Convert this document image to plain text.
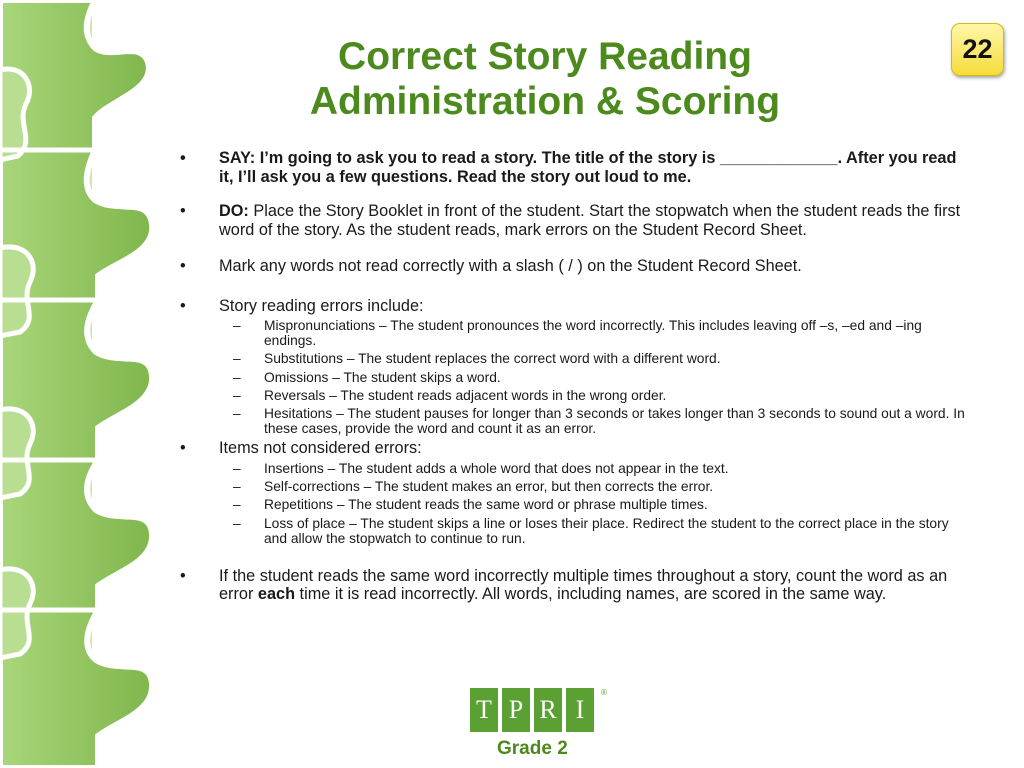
Correct Story Reading
Administration & Scoring
22

• SAY: I’m going to ask you to read a story. The title of the story is _____________. After you read it, I’ll ask you a few questions. Read the story out loud to me.

• DO: Place the Story Booklet in front of the student. Start the stopwatch when the student reads the first word of the story. As the student reads, mark errors on the Student Record Sheet.

• Mark any words not read correctly with a slash ( / ) on the Student Record Sheet.

• Story reading errors include:

– Mispronunciations – The student pronounces the word incorrectly. This includes leaving off –s, –ed and –ing endings.

– Substitutions – The student replaces the correct word with a different word.

– Omissions – The student skips a word.

– Reversals – The student reads adjacent words in the wrong order.

– Hesitations – The student pauses for longer than 3 seconds or takes longer than 3 seconds to sound out a word. In these cases, provide the word and count it as an error.

• Items not considered errors:

– Insertions – The student adds a whole word that does not appear in the text.

– Self-corrections – The student makes an error, but then corrects the error.

– Repetitions – The student reads the same word or phrase multiple times.

– Loss of place – The student skips a line or loses their place. Redirect the student to the correct place in the story and allow the stopwatch to continue to run.

• If the student reads the same word incorrectly multiple times throughout a story, count the word as an error each time it is read incorrectly. All words, including names, are scored in the same way.

T P R I
®
Grade 2
